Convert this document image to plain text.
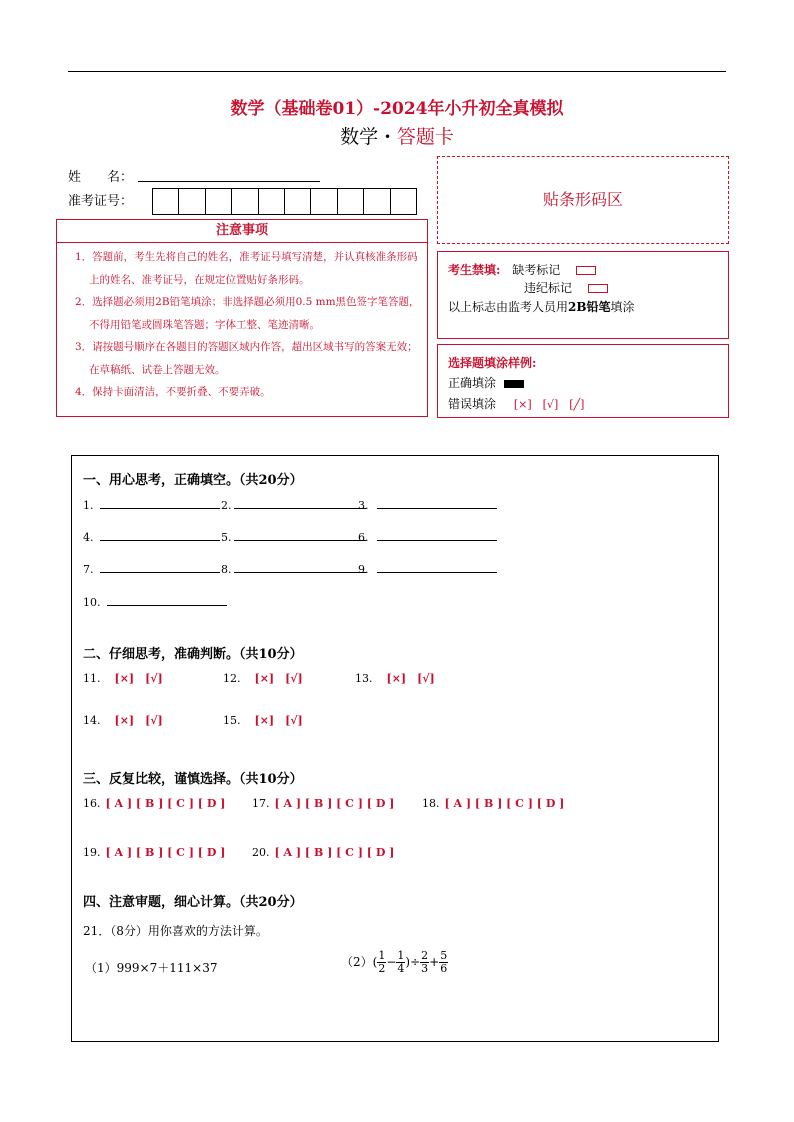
数学（基础卷01）-2024年小升初全真模拟
数学 · 答题卡
姓　　名：
准考证号：
注意事项
1．答题前，考生先将自己的姓名，准考证号填写清楚，并认真核准条形码上的姓名、准考证号，在规定位置贴好条形码。
2．选择题必须用2B铅笔填涂；非选择题必须用0.5 mm黑色签字笔答题，不得用铅笔或圆珠笔答题；字体工整、笔迹清晰。
3．请按题号顺序在各题目的答题区域内作答，超出区域书写的答案无效；在草稿纸、试卷上答题无效。
4．保持卡面清洁，不要折叠、不要弄破。
贴条形码区
考生禁填: 缺考标记
违纪标记
以上标志由监考人员用2B铅笔填涂
选择题填涂样例:
正确填涂
错误填涂 [×]　[√]　[╱]
一、用心思考，正确填空。（共20分）
1.	2.	3.
4.	5.	6.
7.	8.	9.
10.
二、仔细思考，准确判断。（共10分）
11. [×]　[√]	12. [×]　[√]	13. [×]　[√]
14. [×]　[√]	15. [×]　[√]
三、反复比较，谨慎选择。（共10分）
16. [ A ] [ B ] [ C ] [ D ] 17. [ A ] [ B ] [ C ] [ D ]	18. [ A ] [ B ] [ C ] [ D ]
19. [ A ] [ B ] [ C ] [ D ] 20. [ A ] [ B ] [ C ] [ D ]
四、注意审题，细心计算。（共20分）
21．（8分）用你喜欢的方法计算。
（1）999×7＋111×37	$(2)( \frac{1}{2} - \frac{1}{4}$ )÷ $\frac{2}{3} + \frac{5}{6}$
